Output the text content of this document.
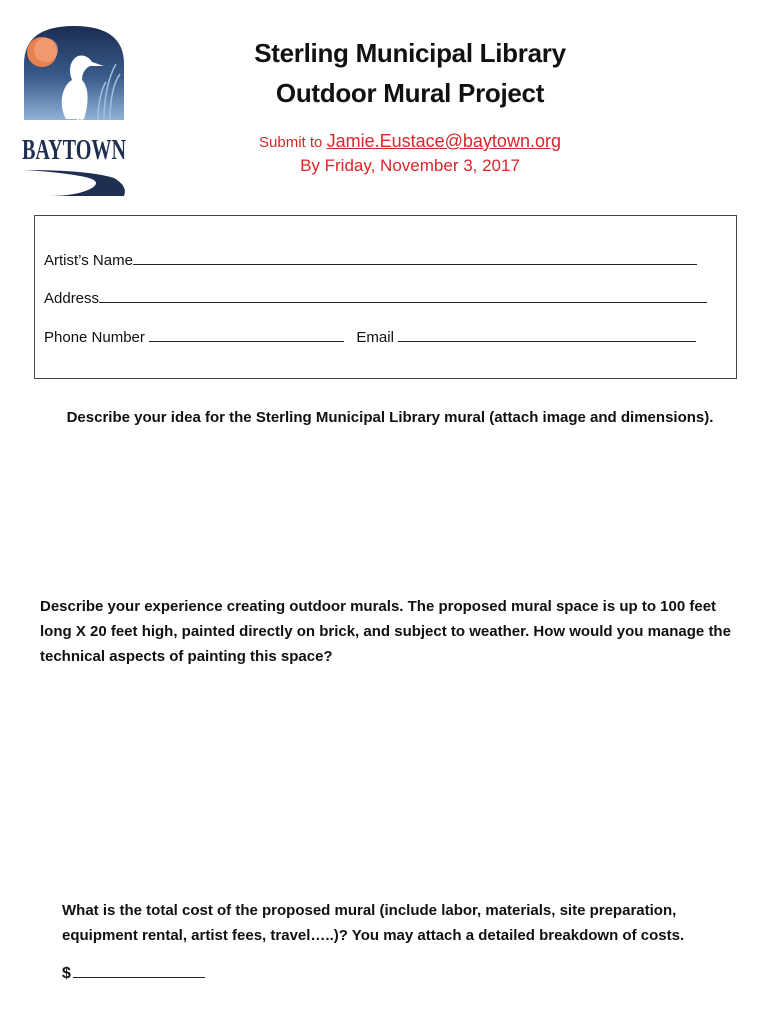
BAYTOWN
Sterling Municipal Library
Outdoor Mural Project
Submit to Jamie.Eustace@baytown.org
By Friday, November 3, 2017
Artist’s Name
Address
Phone Number	Email
Describe your idea for the Sterling Municipal Library mural (attach image and dimensions).
Describe your experience creating outdoor murals. The proposed mural space is up to 100 feet long X 20 feet high, painted directly on brick, and subject to weather. How would you manage the technical aspects of painting this space?
What is the total cost of the proposed mural (include labor, materials, site preparation, equipment rental, artist fees, travel…..)? You may attach a detailed breakdown of costs.
$
